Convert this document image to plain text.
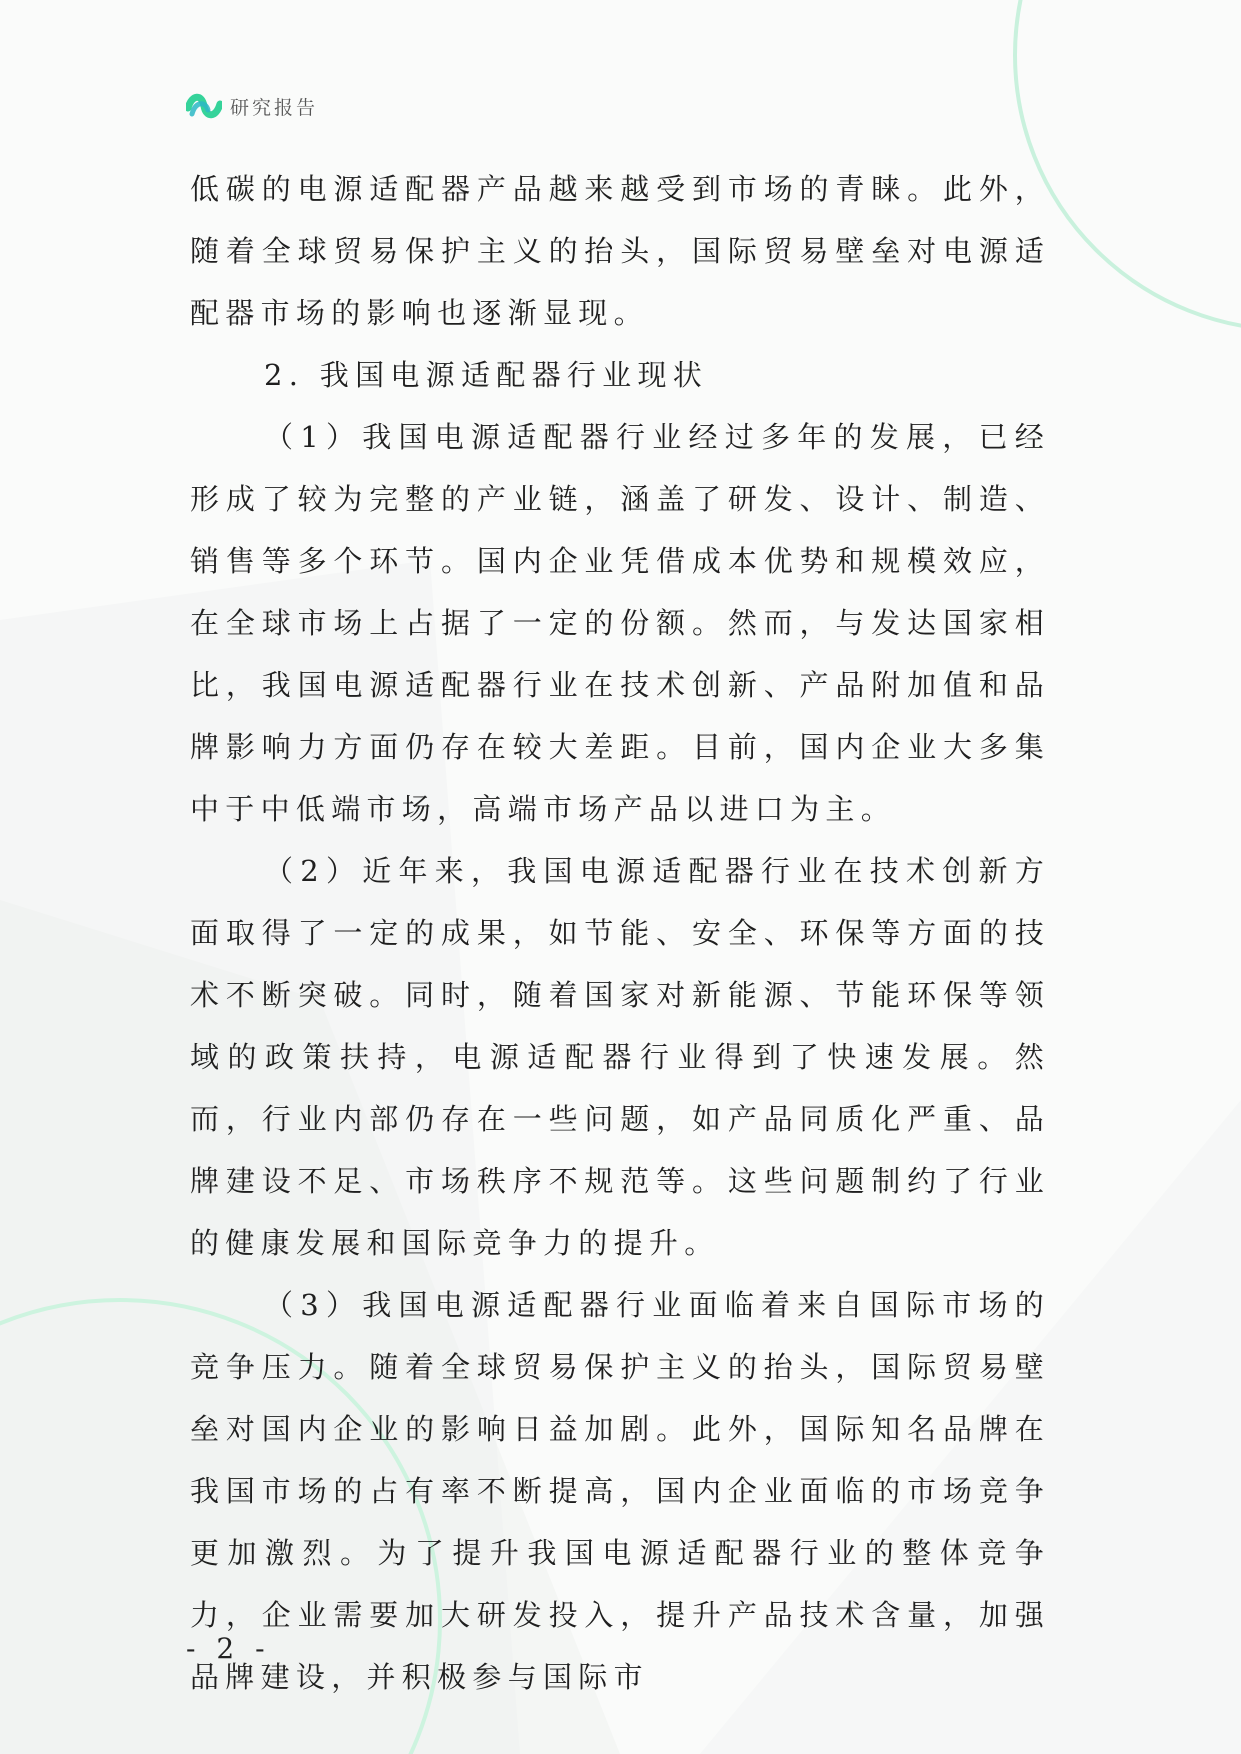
研究报告

低碳的电源适配器产品越来越受到市场的青睐。此外，随着全球贸易保护主义的抬头，国际贸易壁垒对电源适配器市场的影响也逐渐显现。

2. 我国电源适配器行业现状

（1）我国电源适配器行业经过多年的发展，已经形成了较为完整的产业链，涵盖了研发、设计、制造、销售等多个环节。国内企业凭借成本优势和规模效应，在全球市场上占据了一定的份额。然而，与发达国家相比，我国电源适配器行业在技术创新、产品附加值和品牌影响力方面仍存在较大差距。目前，国内企业大多集中于中低端市场，高端市场产品以进口为主。

（2）近年来，我国电源适配器行业在技术创新方面取得了一定的成果，如节能、安全、环保等方面的技术不断突破。同时，随着国家对新能源、节能环保等领域的政策扶持，电源适配器行业得到了快速发展。然而，行业内部仍存在一些问题，如产品同质化严重、品牌建设不足、市场秩序不规范等。这些问题制约了行业的健康发展和国际竞争力的提升。

（3）我国电源适配器行业面临着来自国际市场的竞争压力。随着全球贸易保护主义的抬头，国际贸易壁垒对国内企业的影响日益加剧。此外，国际知名品牌在我国市场的占有率不断提高，国内企业面临的市场竞争更加激烈。为了提升我国电源适配器行业的整体竞争力，企业需要加大研发投入，提升产品技术含量，加强品牌建设，并积极参与国际市

- 2 -
